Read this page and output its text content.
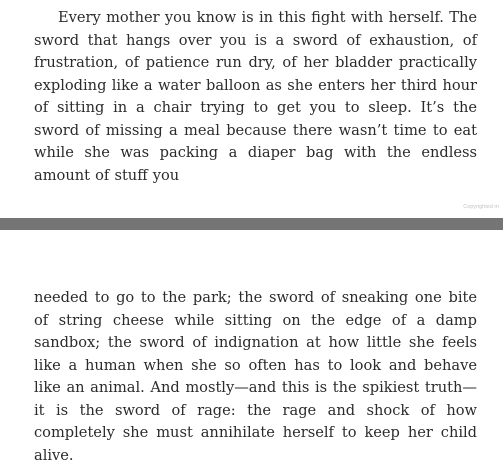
Every mother you know is in this fight with herself. The sword that hangs over you is a sword of exhaustion, of frustration, of patience run dry, of her bladder practically exploding like a water balloon as she enters her third hour of sitting in a chair trying to get you to sleep. It’s the sword of missing a meal because there wasn’t time to eat while she was packing a diaper bag with the endless amount of stuff you

Copyrighted m

needed to go to the park; the sword of sneaking one bite of string cheese while sitting on the edge of a damp sandbox; the sword of indignation at how little she feels like a human when she so often has to look and behave like an animal. And mostly—and this is the spikiest truth—it is the sword of rage: the rage and shock of how completely she must annihilate herself to keep her child alive.
